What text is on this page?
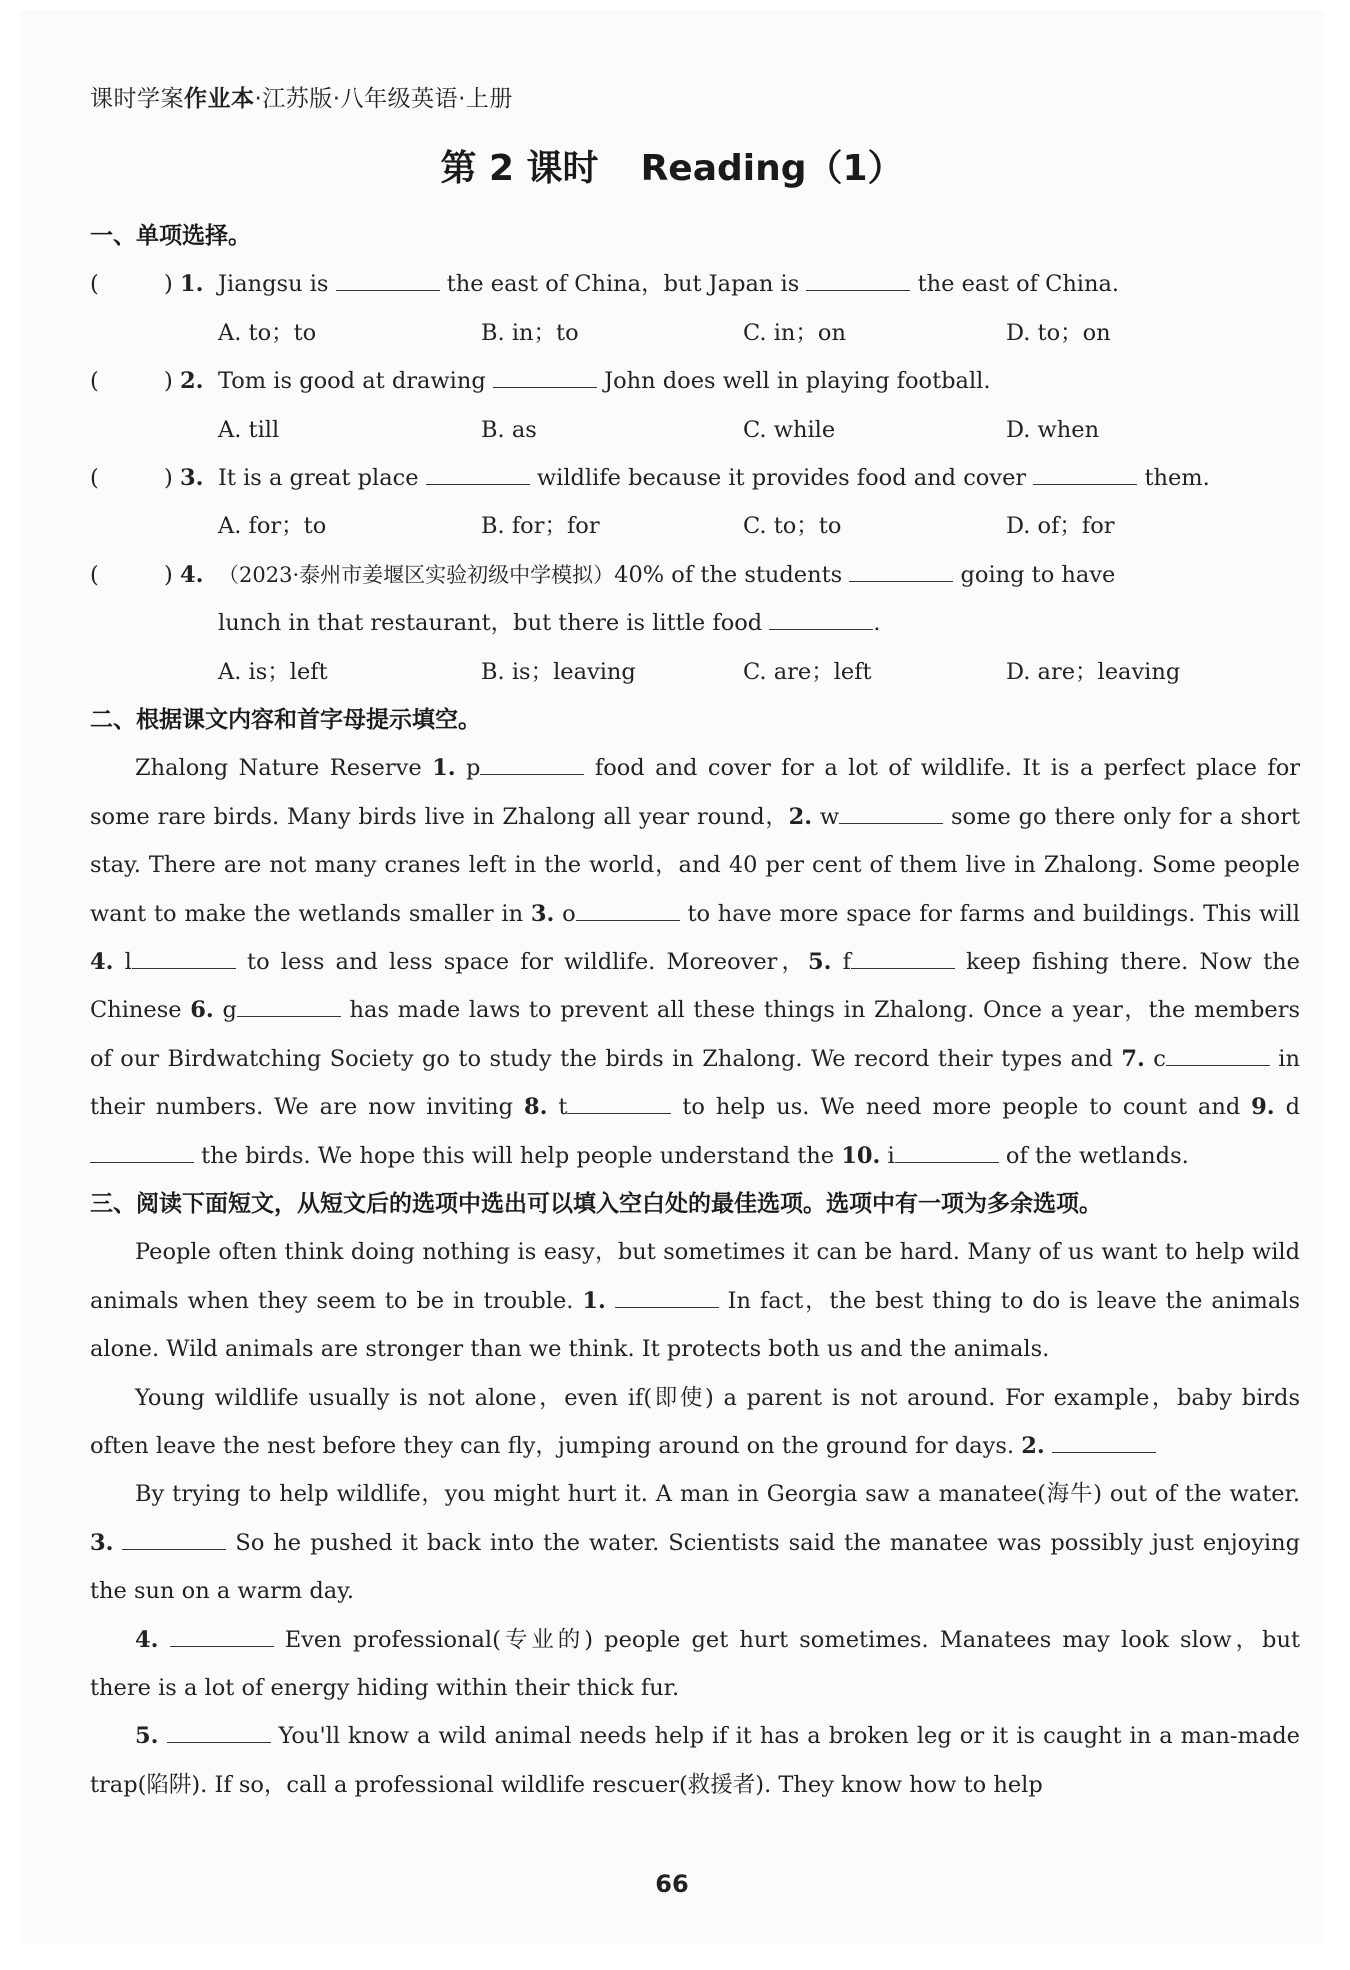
课时学案作业本·江苏版·八年级英语·上册
第 2 课时 Reading（1）
一、单项选择。
(	) 1. Jiangsu is	the east of China，but Japan is	the east of China.
A. to；to	B. in；to	C. in；on	D. to；on
(	) 2. Tom is good at drawing	John does well in playing football.
A. till	B. as	C. while	D. when
(	) 3. It is a great place	wildlife because it provides food and cover	them.
A. for；to	B. for；for	C. to；to	D. of；for
(	) 4. （2023·泰州市姜堰区实验初级中学模拟）40% of the students	going to have
lunch in that restaurant，but there is little food	.
A. is；left	B. is；leaving	C. are；left	D. are；leaving
二、根据课文内容和首字母提示填空。

Zhalong Nature Reserve 1. p	food and cover for a lot of wildlife. It is a perfect place for some rare birds. Many birds live in Zhalong all year round，2. w	some go there only for a short stay. There are not many cranes left in the world，and 40 per cent of them live in Zhalong. Some people want to make the wetlands smaller in 3. o	to have more space for farms and buildings. This will 4. l	to less and less space for wildlife. Moreover，5. f	keep fishing there. Now the Chinese 6. g	has made laws to prevent all these things in Zhalong. Once a year，the members of our Birdwatching Society go to study the birds in Zhalong. We record their types and 7. c	in their numbers. We are now inviting 8. t	to help us. We need more people to count and 9. d the birds. We hope this will help people understand the 10. i	of the wetlands.

三、阅读下面短文，从短文后的选项中选出可以填入空白处的最佳选项。选项中有一项为多余选项。

People often think doing nothing is easy，but sometimes it can be hard. Many of us want to help wild animals when they seem to be in trouble. 1.	In fact，the best thing to do is leave the animals alone. Wild animals are stronger than we think. It protects both us and the animals.

Young wildlife usually is not alone，even if(即使) a parent is not around. For example，baby birds often leave the nest before they can fly，jumping around on the ground for days. 2.

By trying to help wildlife，you might hurt it. A man in Georgia saw a manatee(海牛) out of the water. 3.	So he pushed it back into the water. Scientists said the manatee was possibly just enjoying the sun on a warm day.

4.	Even professional(专业的) people get hurt sometimes. Manatees may look slow，but there is a lot of energy hiding within their thick fur.

5.	You'll know a wild animal needs help if it has a broken leg or it is caught in a man-made trap(陷阱). If so，call a professional wildlife rescuer(救援者). They know how to help

66
